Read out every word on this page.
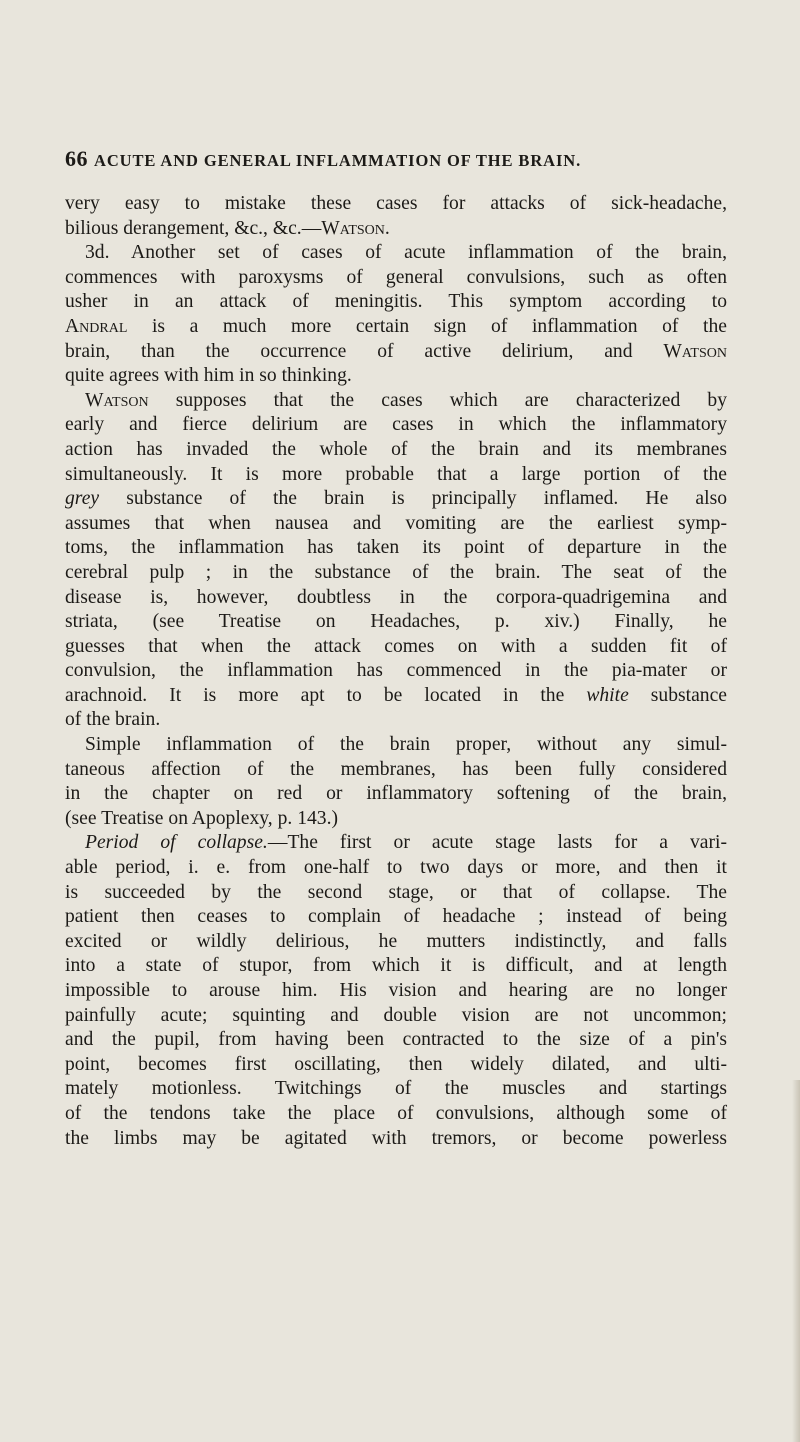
66 ACUTE AND GENERAL INFLAMMATION OF THE BRAIN.
very easy to mistake these cases for attacks of sick-headache,
bilious derangement, &c., &c.—Watson.
3d. Another set of cases of acute inflammation of the brain,
commences with paroxysms of general convulsions, such as often
usher in an attack of meningitis. This symptom according to
Andral is a much more certain sign of inflammation of the
brain, than the occurrence of active delirium, and Watson
quite agrees with him in so thinking.
Watson supposes that the cases which are characterized by
early and fierce delirium are cases in which the inflammatory
action has invaded the whole of the brain and its membranes
simultaneously. It is more probable that a large portion of the
grey substance of the brain is principally inflamed. He also
assumes that when nausea and vomiting are the earliest symp-
toms, the inflammation has taken its point of departure in the
cerebral pulp ; in the substance of the brain. The seat of the
disease is, however, doubtless in the corpora-quadrigemina and
striata, (see Treatise on Headaches, p. xiv.) Finally, he
guesses that when the attack comes on with a sudden fit of
convulsion, the inflammation has commenced in the pia-mater or
arachnoid. It is more apt to be located in the white substance
of the brain.
Simple inflammation of the brain proper, without any simul-
taneous affection of the membranes, has been fully considered
in the chapter on red or inflammatory softening of the brain,
(see Treatise on Apoplexy, p. 143.)
Period of collapse.—The first or acute stage lasts for a vari-
able period, i. e. from one-half to two days or more, and then it
is succeeded by the second stage, or that of collapse. The
patient then ceases to complain of headache ; instead of being
excited or wildly delirious, he mutters indistinctly, and falls
into a state of stupor, from which it is difficult, and at length
impossible to arouse him. His vision and hearing are no longer
painfully acute; squinting and double vision are not uncommon;
and the pupil, from having been contracted to the size of a pin's
point, becomes first oscillating, then widely dilated, and ulti-
mately motionless. Twitchings of the muscles and startings
of the tendons take the place of convulsions, although some of
the limbs may be agitated with tremors, or become powerless
